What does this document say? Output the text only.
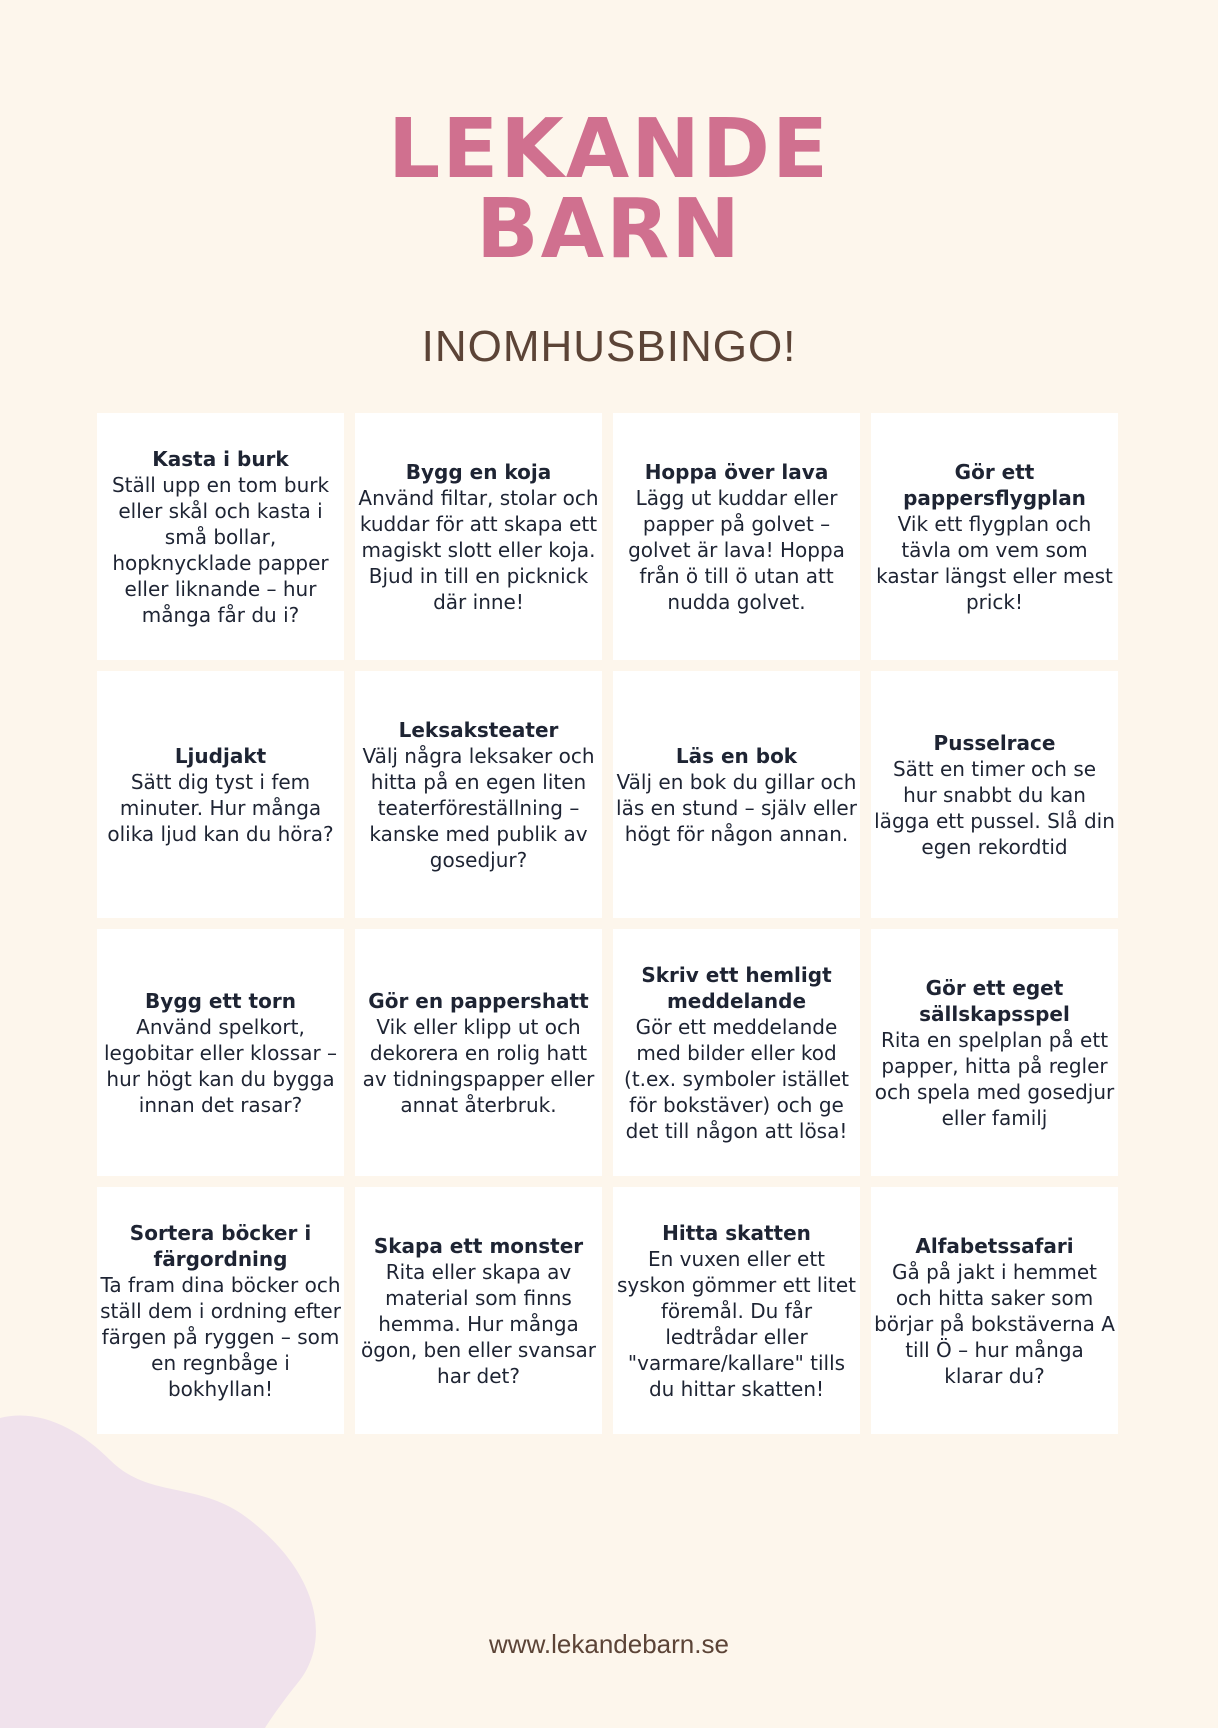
LEKANDE
BARN
INOMHUSBINGO!
Kasta i burk
Ställ upp en tom burk eller skål och kasta i små bollar, hopknycklade papper eller liknande – hur många får du i?
Bygg en koja
Använd filtar, stolar och kuddar för att skapa ett magiskt slott eller koja. Bjud in till en picknick där inne!
Hoppa över lava
Lägg ut kuddar eller papper på golvet – golvet är lava! Hoppa från ö till ö utan att nudda golvet.
Gör ett pappersflygplan
Vik ett flygplan och tävla om vem som kastar längst eller mest prick!
Ljudjakt
Sätt dig tyst i fem minuter. Hur många olika ljud kan du höra?
Leksaksteater
Välj några leksaker och hitta på en egen liten teaterföreställning – kanske med publik av gosedjur?
Läs en bok
Välj en bok du gillar och läs en stund – själv eller högt för någon annan.
Pusselrace
Sätt en timer och se hur snabbt du kan lägga ett pussel. Slå din egen rekordtid
Bygg ett torn
Använd spelkort, legobitar eller klossar – hur högt kan du bygga innan det rasar?
Gör en pappershatt
Vik eller klipp ut och dekorera en rolig hatt av tidningspapper eller annat återbruk.
Skriv ett hemligt meddelande
Gör ett meddelande med bilder eller kod (t.ex. symboler istället för bokstäver) och ge det till någon att lösa!
Gör ett eget sällskapsspel
Rita en spelplan på ett papper, hitta på regler och spela med gosedjur eller familj
Sortera böcker i färgordning
Ta fram dina böcker och ställ dem i ordning efter färgen på ryggen – som en regnbåge i bokhyllan!
Skapa ett monster
Rita eller skapa av material som finns hemma. Hur många ögon, ben eller svansar har det?
Hitta skatten
En vuxen eller ett syskon gömmer ett litet föremål. Du får ledtrådar eller "varmare/kallare" tills du hittar skatten!
Alfabetssafari
Gå på jakt i hemmet och hitta saker som börjar på bokstäverna A till Ö – hur många klarar du?
www.lekandebarn.se
